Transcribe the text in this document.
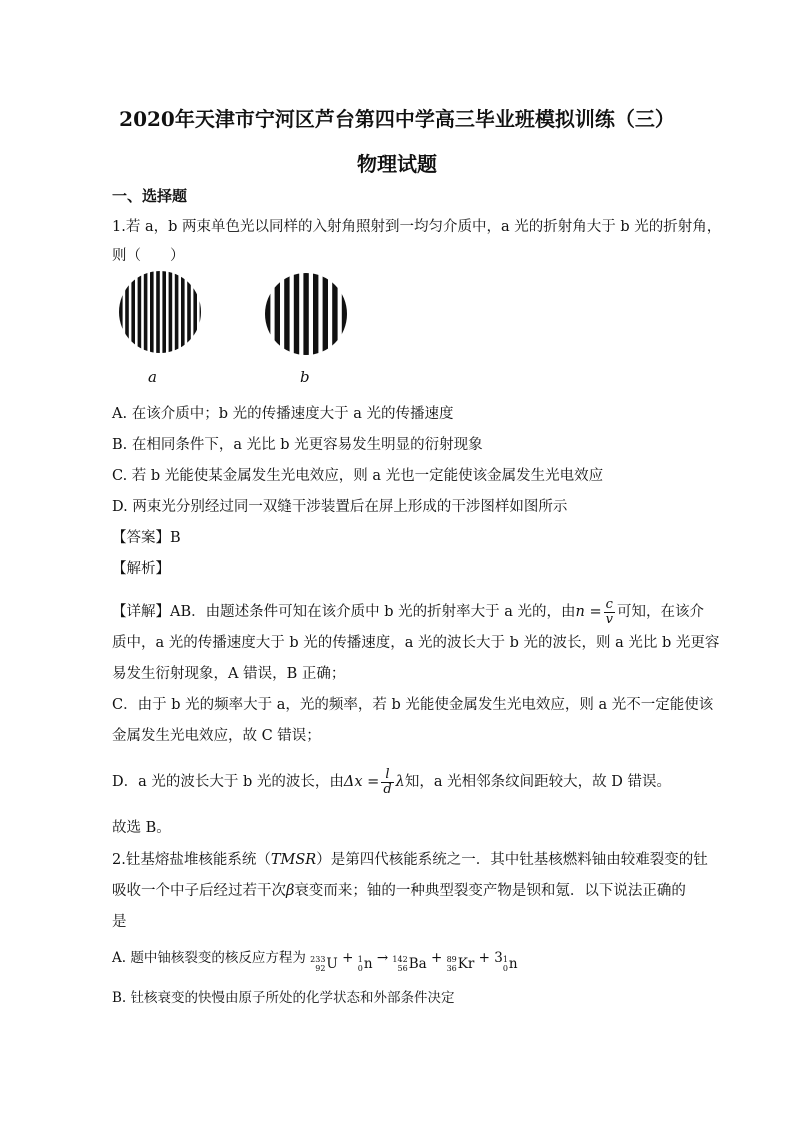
2020年天津市宁河区芦台第四中学高三毕业班模拟训练（三）
物理试题
一、选择题
1.若 a，b 两束单色光以同样的入射角照射到一均匀介质中，a 光的折射角大于 b 光的折射角，
则（　　）
a	b
A. 在该介质中；b 光的传播速度大于 a 光的传播速度
B. 在相同条件下，a 光比 b 光更容易发生明显的衍射现象
C. 若 b 光能使某金属发生光电效应，则 a 光也一定能使该金属发生光电效应
D. 两束光分别经过同一双缝干涉装置后在屏上形成的干涉图样如图所示
【答案】B
【解析】
【详解】AB．由题述条件可知在该介质中 b 光的折射率大于 a 光的，由$n = \frac{c}{v}$ 可知，在该介
质中，a 光的传播速度大于 b 光的传播速度，a 光的波长大于 b 光的波长，则 a 光比 b 光更容
易发生衍射现象，A 错误，B 正确；
C．由于 b 光的频率大于 a，光的频率，若 b 光能使金属发生光电效应，则 a 光不一定能使该
金属发生光电效应，故 C 错误；
D．a 光的波长大于 b 光的波长，由$\Delta x = \frac{l}{d}$ λ知，a 光相邻条纹间距较大，故 D 错误。
故选 B。
2.钍基熔盐堆核能系统（TMSR）是第四代核能系统之一．其中钍基核燃料铀由较难裂变的钍
吸收一个中子后经过若干次β衰变而来；铀的一种典型裂变产物是钡和氪．以下说法正确的
是
A. 题中铀核裂变的核反应方程为 233
92 U + 1
0 n → 142
56 Ba + 89
36 Kr + 3 1
0 n
B. 钍核衰变的快慢由原子所处的化学状态和外部条件决定
